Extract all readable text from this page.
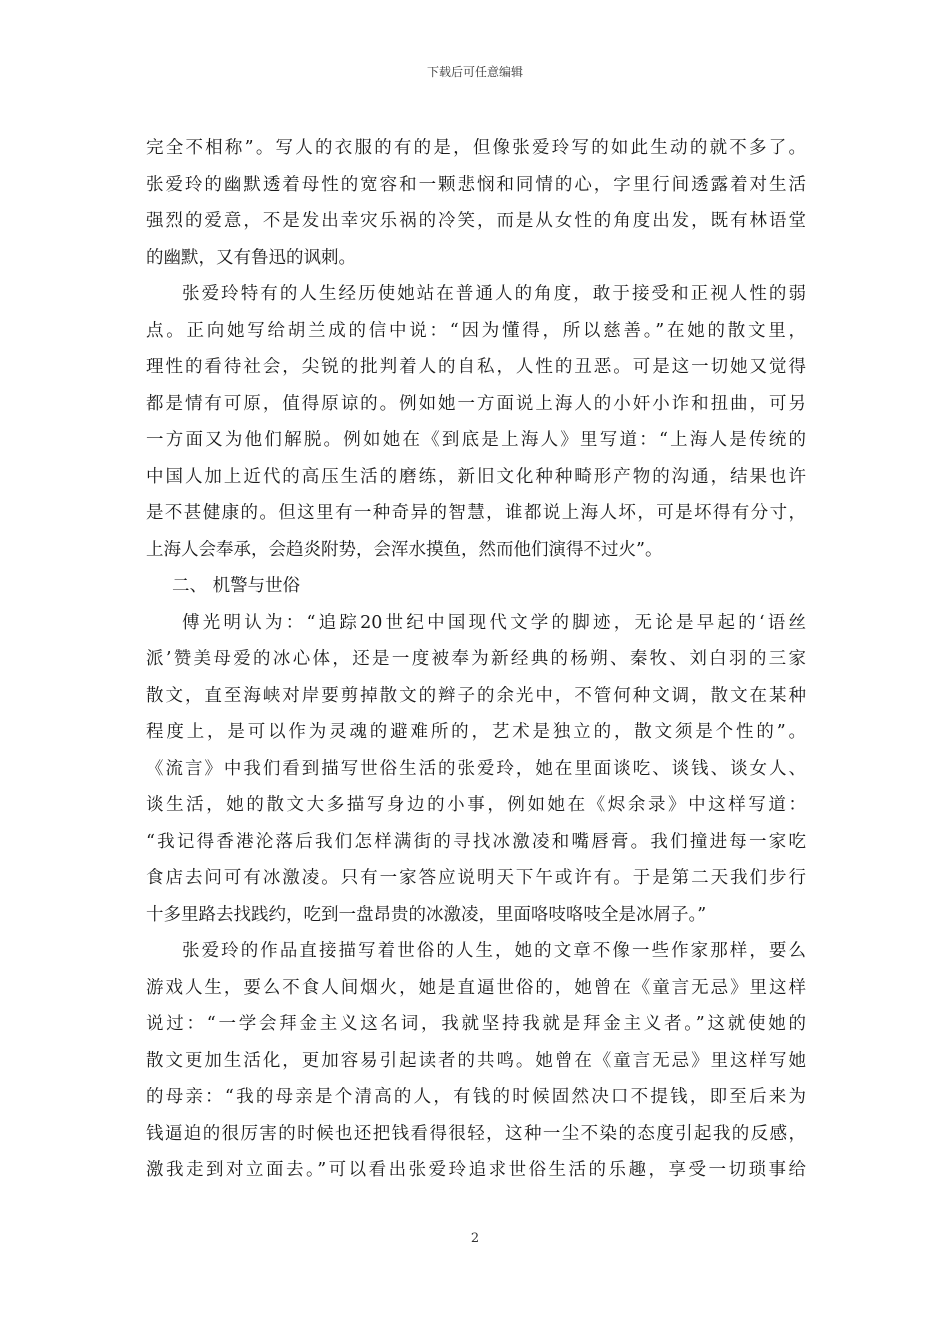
下载后可任意编辑
完全不相称”。写人的衣服的有的是，但像张爱玲写的如此生动的就不多了。
张爱玲的幽默透着母性的宽容和一颗悲悯和同情的心，字里行间透露着对生活
强烈的爱意，不是发出幸灾乐祸的冷笑，而是从女性的角度出发，既有林语堂
的幽默，又有鲁迅的讽刺。
张爱玲特有的人生经历使她站在普通人的角度，敢于接受和正视人性的弱
点。正向她写给胡兰成的信中说：“因为懂得，所以慈善。”在她的散文里，
理性的看待社会，尖锐的批判着人的自私，人性的丑恶。可是这一切她又觉得
都是情有可原，值得原谅的。例如她一方面说上海人的小奸小诈和扭曲，可另
一方面又为他们解脱。例如她在《到底是上海人》里写道：“上海人是传统的
中国人加上近代的高压生活的磨练，新旧文化种种畸形产物的沟通，结果也许
是不甚健康的。但这里有一种奇异的智慧，谁都说上海人坏，可是坏得有分寸，
上海人会奉承，会趋炎附势，会浑水摸鱼，然而他们演得不过火”。
二、 机警与世俗
傅光明认为：“追踪20世纪中国现代文学的脚迹，无论是早起的‘语丝
派’赞美母爱的冰心体，还是一度被奉为新经典的杨朔、秦牧、刘白羽的三家
散文，直至海峡对岸要剪掉散文的辫子的余光中，不管何种文调，散文在某种
程度上，是可以作为灵魂的避难所的，艺术是独立的，散文须是个性的”。
《流言》中我们看到描写世俗生活的张爱玲，她在里面谈吃、谈钱、谈女人、
谈生活，她的散文大多描写身边的小事，例如她在《烬余录》中这样写道：
“我记得香港沦落后我们怎样满街的寻找冰激凌和嘴唇膏。我们撞进每一家吃
食店去问可有冰激凌。只有一家答应说明天下午或许有。于是第二天我们步行
十多里路去找践约，吃到一盘昂贵的冰激凌，里面咯吱咯吱全是冰屑子。”
张爱玲的作品直接描写着世俗的人生，她的文章不像一些作家那样，要么
游戏人生，要么不食人间烟火，她是直逼世俗的，她曾在《童言无忌》里这样
说过：“一学会拜金主义这名词，我就坚持我就是拜金主义者。”这就使她的
散文更加生活化，更加容易引起读者的共鸣。她曾在《童言无忌》里这样写她
的母亲：“我的母亲是个清高的人，有钱的时候固然决口不提钱，即至后来为
钱逼迫的很厉害的时候也还把钱看得很轻，这种一尘不染的态度引起我的反感，
激我走到对立面去。”可以看出张爱玲追求世俗生活的乐趣，享受一切琐事给
2
